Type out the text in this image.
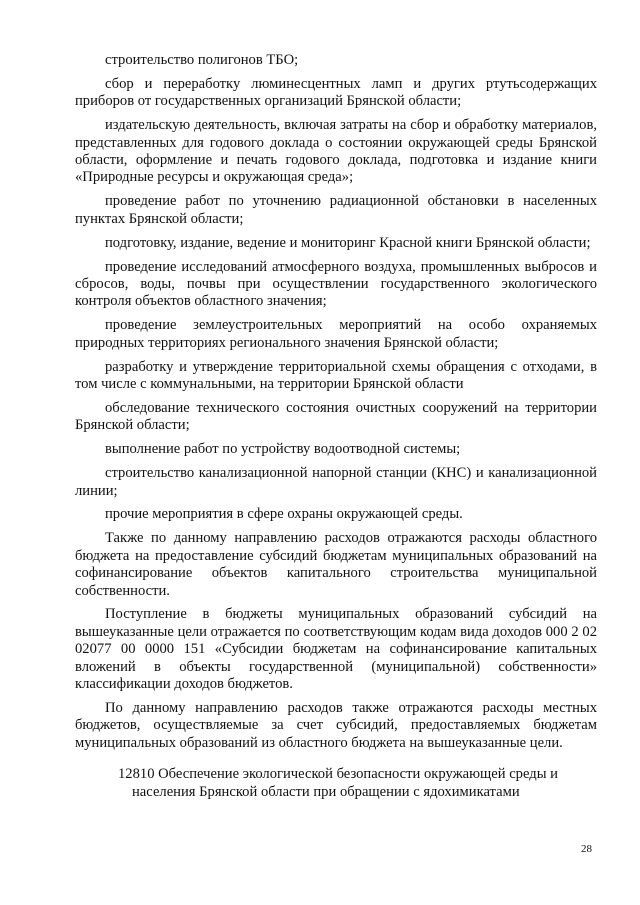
строительство полигонов ТБО;

сбор и переработку люминесцентных ламп и других ртутьсодержащих приборов от государственных организаций Брянской области;

издательскую деятельность, включая затраты на сбор и обработку материалов, представленных для годового доклада о состоянии окружающей среды Брянской области, оформление и печать годового доклада, подготовка и издание книги «Природные ресурсы и окружающая среда»;

проведение работ по уточнению радиационной обстановки в населенных пунктах Брянской области;

подготовку, издание, ведение и мониторинг Красной книги Брянской области;

проведение исследований атмосферного воздуха, промышленных выбросов и сбросов, воды, почвы при осуществлении государственного экологического контроля объектов областного значения;

проведение землеустроительных мероприятий на особо охраняемых природных территориях регионального значения Брянской области;

разработку и утверждение территориальной схемы обращения с отходами, в том числе с коммунальными, на территории Брянской области

обследование технического состояния очистных сооружений на территории Брянской области;

выполнение работ по устройству водоотводной системы;

строительство канализационной напорной станции (КНС) и канализационной линии;

прочие мероприятия в сфере охраны окружающей среды.

Также по данному направлению расходов отражаются расходы областного бюджета на предоставление субсидий бюджетам муниципальных образований на софинансирование объектов капитального строительства муниципальной собственности.

Поступление в бюджеты муниципальных образований субсидий на вышеуказанные цели отражается по соответствующим кодам вида доходов 000 2 02 02077 00 0000 151 «Субсидии бюджетам на софинансирование капитальных вложений в объекты государственной (муниципальной) собственности» классификации доходов бюджетов.

По данному направлению расходов также отражаются расходы местных бюджетов, осуществляемые за счет субсидий, предоставляемых бюджетам муниципальных образований из областного бюджета на вышеуказанные цели.

12810 Обеспечение экологической безопасности окружающей среды и населения Брянской области при обращении с ядохимикатами
28
